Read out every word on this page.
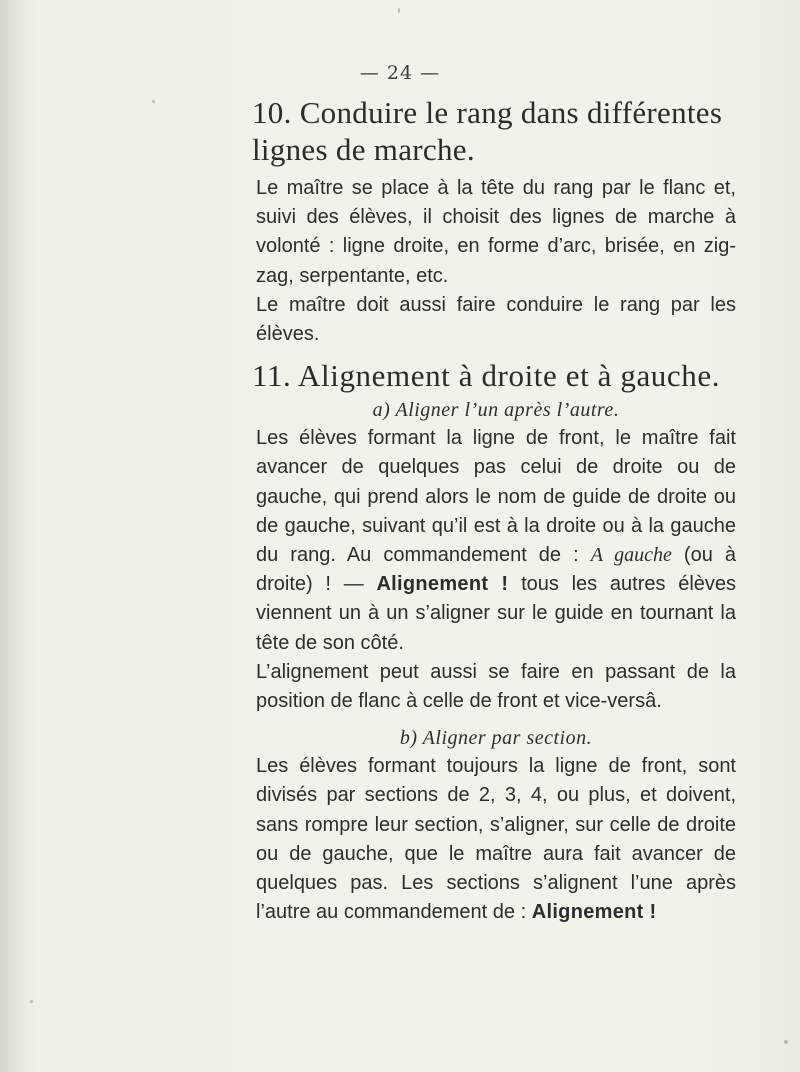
— 24 —
10. Conduire le rang dans différentes lignes de marche.

Le maître se place à la tête du rang par le flanc et, suivi des élèves, il choisit des lignes de marche à volonté : ligne droite, en forme d’arc, brisée, en zig-zag, serpentante, etc.

Le maître doit aussi faire conduire le rang par les élèves.

11. Alignement à droite et à gauche.

a) Aligner l’un après l’autre.

Les élèves formant la ligne de front, le maître fait avancer de quelques pas celui de droite ou de gauche, qui prend alors le nom de guide de droite ou de gauche, suivant qu’il est à la droite ou à la gauche du rang. Au commandement de : A gauche (ou à droite) ! — Alignement ! tous les autres élèves viennent un à un s’aligner sur le guide en tournant la tête de son côté.

L’alignement peut aussi se faire en passant de la position de flanc à celle de front et vice-versâ.

b) Aligner par section.

Les élèves formant toujours la ligne de front, sont divisés par sections de 2, 3, 4, ou plus, et doivent, sans rompre leur section, s’aligner, sur celle de droite ou de gauche, que le maître aura fait avancer de quelques pas. Les sections s’alignent l’une après l’autre au commandement de : Alignement !
